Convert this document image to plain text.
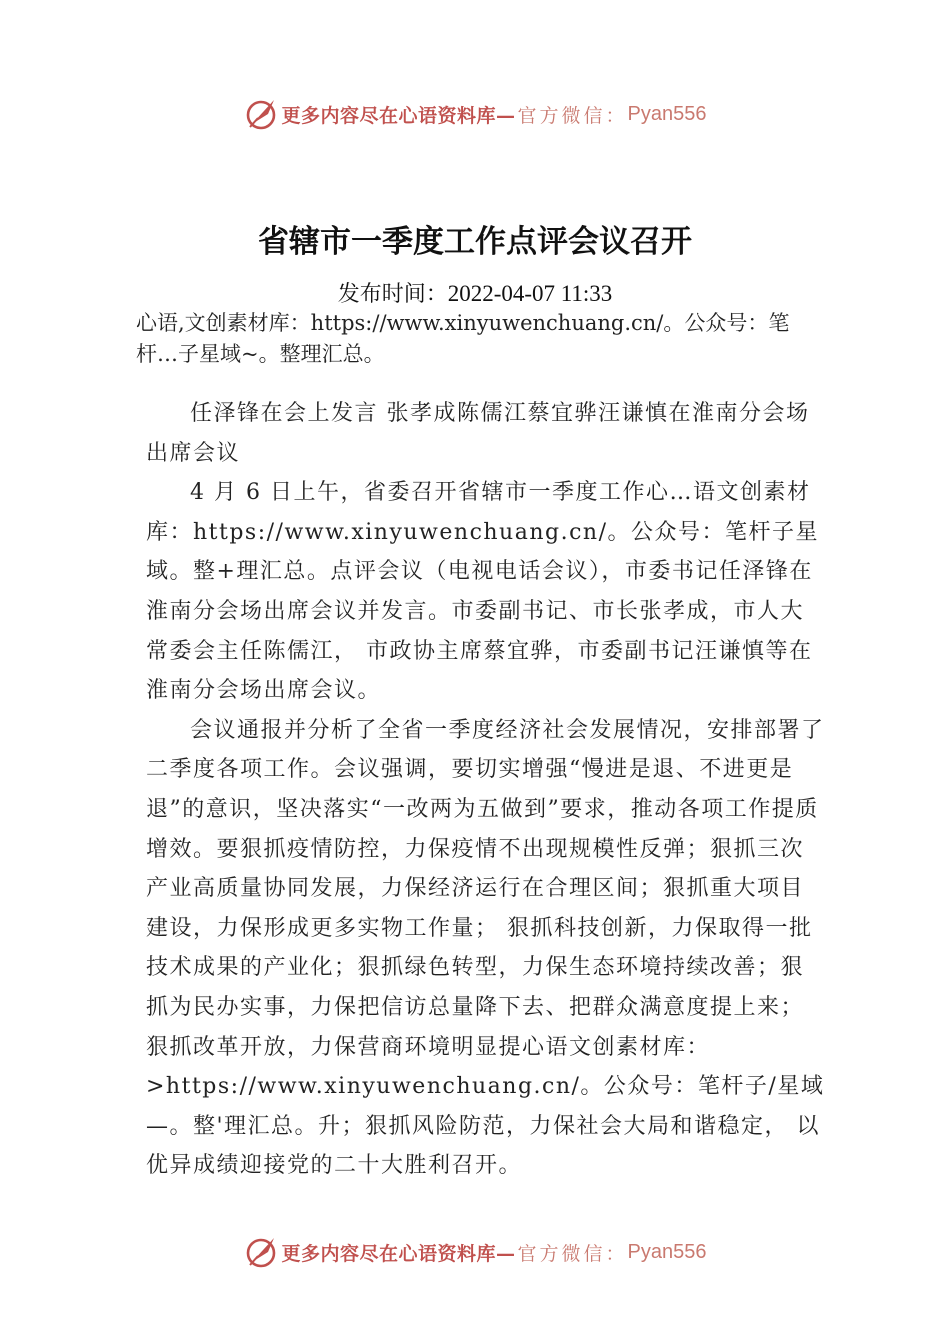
更多内容尽在心语资料库— 官方微信： Pyan556
省辖市一季度工作点评会议召开
发布时间：2022-04-07 11:33
心语,文创素材库：https://www.xinyuwenchuang.cn/。公众号：笔杆…子星域~。整理汇总。

任泽锋在会上发言 张孝成陈儒江蔡宜骅汪谦慎在淮南分会场出席会议

4 月 6 日上午，省委召开省辖市一季度工作心…语文创素材库：https://www.xinyuwenchuang.cn/。公众号：笔杆子星域。整+理汇总。点评会议（电视电话会议），市委书记任泽锋在淮南分会场出席会议并发言。市委副书记、市长张孝成，市人大常委会主任陈儒江， 市政协主席蔡宜骅，市委副书记汪谦慎等在淮南分会场出席会议。

会议通报并分析了全省一季度经济社会发展情况，安排部署了二季度各项工作。会议强调，要切实增强“慢进是退、不进更是退”的意识，坚决落实“一改两为五做到”要求，推动各项工作提质增效。要狠抓疫情防控，力保疫情不出现规模性反弹；狠抓三次产业高质量协同发展，力保经济运行在合理区间；狠抓重大项目建设，力保形成更多实物工作量； 狠抓科技创新，力保取得一批技术成果的产业化；狠抓绿色转型，力保生态环境持续改善；狠抓为民办实事，力保把信访总量降下去、把群众满意度提上来；狠抓改革开放，力保营商环境明显提心语文创素材库：>https://www.xinyuwenchuang.cn/。公众号：笔杆子/星域—。整'理汇总。升；狠抓风险防范，力保社会大局和谐稳定， 以优异成绩迎接党的二十大胜利召开。

更多内容尽在心语资料库— 官方微信： Pyan556
